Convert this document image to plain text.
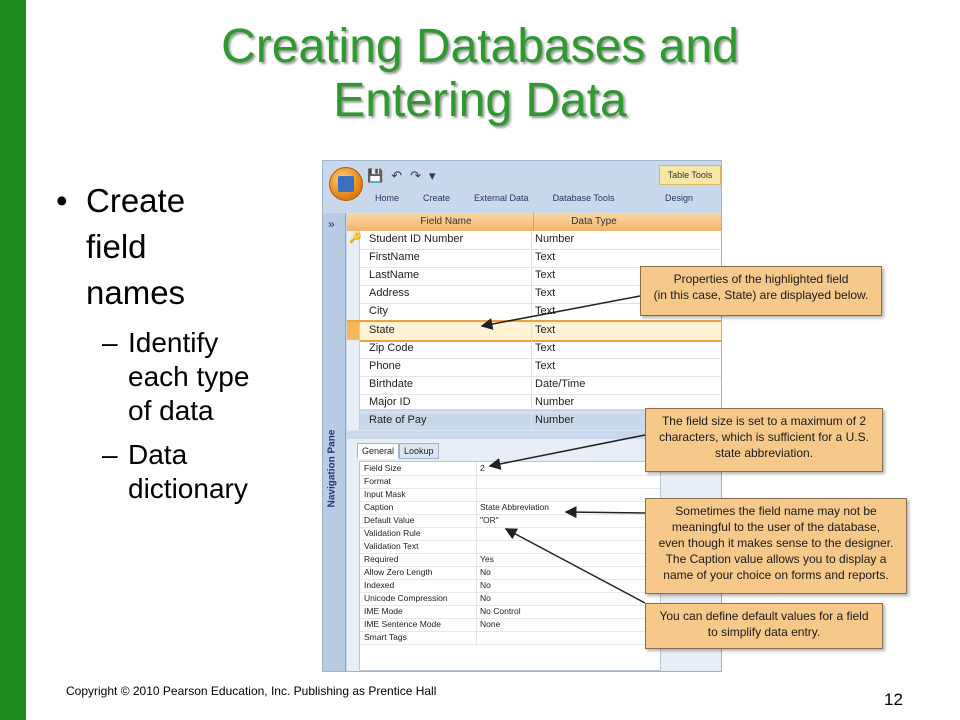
Creating Databases and
Entering Data
• Create
field
names
– Identify
each type
of data
– Data
dictionary
💾 ↶ ↷ ▾	Table Tools
Home	Create	External Data	Database Tools	Design
»
Navigation Pane
Field Name	Data Type
🔑 Student ID Number	Number
FirstName	Text
LastName	Text
Address	Text
City	Text
State	Text
Zip Code	Text
Phone	Text
Birthdate	Date/Time
Major ID	Number
Rate of Pay	Number
General	Lookup
Field Size	2
Format
Input Mask
Caption	State Abbreviation
Default Value	"OR"
Validation Rule
Validation Text
Required	Yes
Allow Zero Length	No
Indexed	No
Unicode Compression	No
IME Mode	No Control
IME Sentence Mode	None
Smart Tags
Properties of the highlighted field
(in this case, State) are displayed below.
The field size is set to a maximum of 2
characters, which is sufficient for a U.S.
state abbreviation.
Sometimes the field name may not be
meaningful to the user of the database,
even though it makes sense to the designer.
The Caption value allows you to display a
name of your choice on forms and reports.
You can define default values for a field
to simplify data entry.
Copyright © 2010 Pearson Education, Inc. Publishing as Prentice Hall	12
